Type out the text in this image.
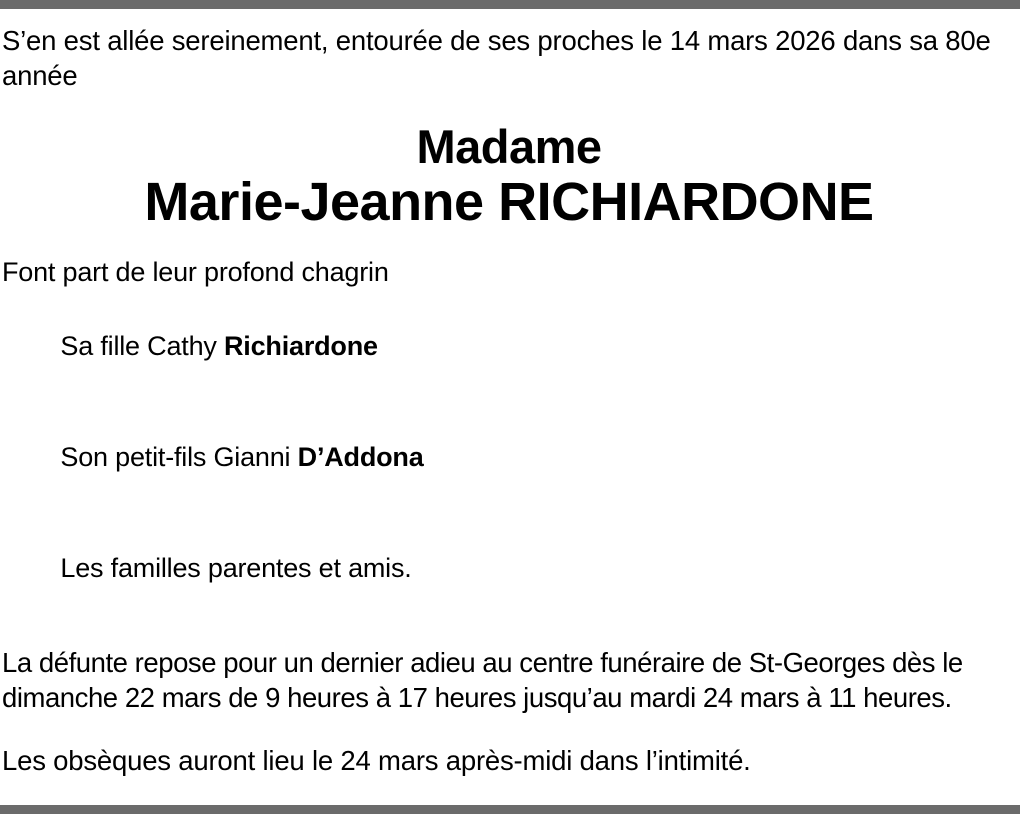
S’en est allée sereinement, entourée de ses proches le 14 mars 2026 dans sa 80e année

Madame
Marie-Jeanne RICHIARDONE
Font part de leur profond chagrin

Sa fille Cathy Richiardone

Son petit-fils Gianni D’Addona

Les familles parentes et amis.

La défunte repose pour un dernier adieu au centre funéraire de St-Georges dès le dimanche 22 mars de 9 heures à 17 heures jusqu’au mardi 24 mars à 11 heures.

Les obsèques auront lieu le 24 mars après-midi dans l’intimité.
